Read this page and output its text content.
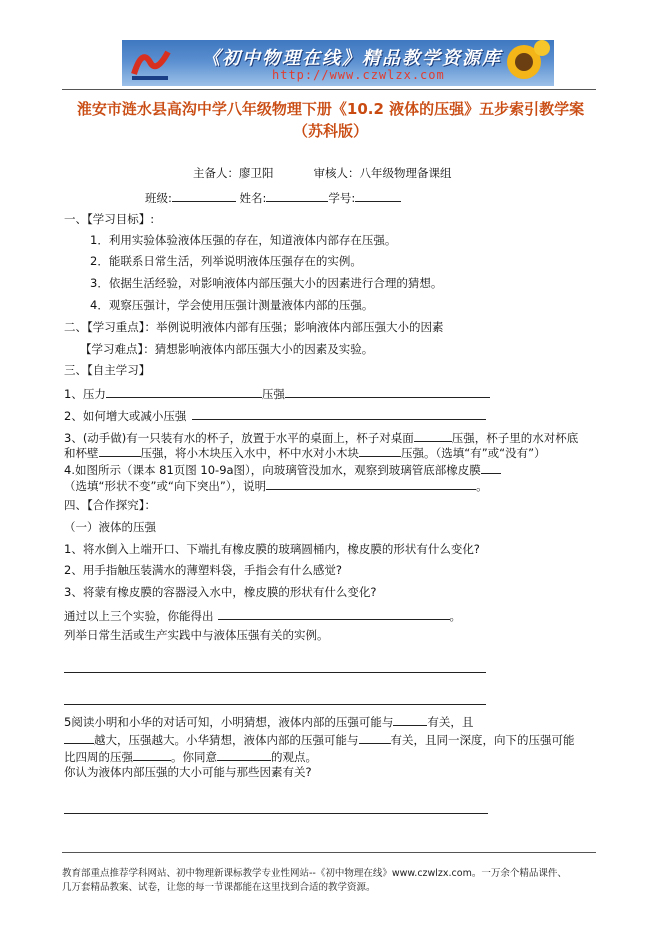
《初中物理在线》精品教学资源库
http://www.czwlzx.com
淮安市涟水县高沟中学八年级物理下册《10.2 液体的压强》五步索引教学案
（苏科版）
主备人：廖卫阳	审核人：八年级物理备课组
班级:	姓名:	学号:
一、【学习目标】:
1．利用实验体验液体压强的存在，知道液体内部存在压强。
2．能联系日常生活，列举说明液体压强存在的实例。
3．依据生活经验，对影响液体内部压强大小的因素进行合理的猜想。
4．观察压强计，学会使用压强计测量液体内部的压强。
二、【学习重点】：举例说明液体内部有压强；影响液体内部压强大小的因素
【学习难点】：猜想影响液体内部压强大小的因素及实验。
三、【自主学习】
1、压力	压强
2、如何增大或减小压强
3、(动手做)有一只装有水的杯子，放置于水平的桌面上，杯子对桌面	压强，杯子里的水对杯底
和杯壁	压强，将小木块压入水中，杯中水对小木块	压强。（选填“有”或“没有”）
4.如图所示（课本 81页图 10-9a图），向玻璃管没加水，观察到玻璃管底部橡皮膜
（选填“形状不变”或“向下突出”），说明	。
四、【合作探究】：
（一）液体的压强
1、将水倒入上端开口、下端扎有橡皮膜的玻璃圆桶内，橡皮膜的形状有什么变化?
2、用手指触压装满水的薄塑料袋，手指会有什么感觉?
3、将蒙有橡皮膜的容器浸入水中，橡皮膜的形状有什么变化?
通过以上三个实验，你能得出	。
列举日常生活或生产实践中与液体压强有关的实例。
5阅读小明和小华的对话可知，小明猜想，液体内部的压强可能与	有关，且
越大，压强越大。小华猜想，液体内部的压强可能与	有关，且同一深度，向下的压强可能
比四周的压强	。你同意	的观点。
你认为液体内部压强的大小可能与那些因素有关?
教育部重点推荐学科网站、初中物理新课标教学专业性网站--《初中物理在线》www.czwlzx.com。一万余个精品课件、
几万套精品教案、试卷，让您的每一节课都能在这里找到合适的教学资源。
